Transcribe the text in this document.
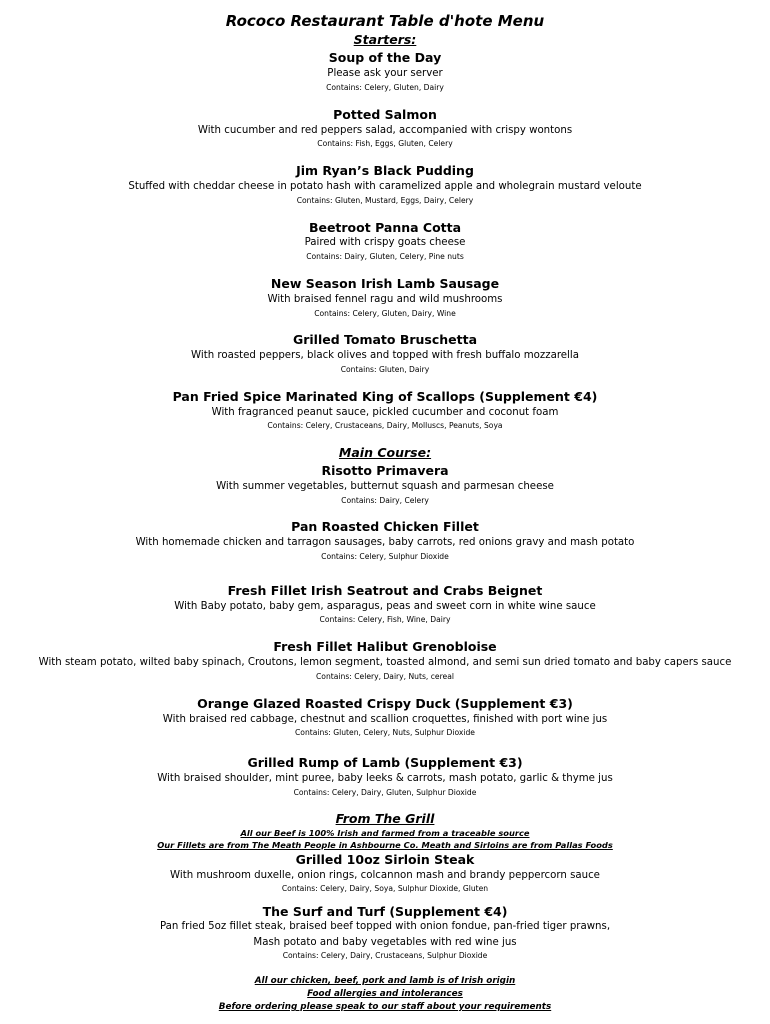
Rococo Restaurant Table d'hote Menu
Starters:
Soup of the Day
Please ask your server
Contains: Celery, Gluten, Dairy
Potted Salmon
With cucumber and red peppers salad, accompanied with crispy wontons
Contains: Fish, Eggs, Gluten, Celery
Jim Ryan’s Black Pudding
Stuffed with cheddar cheese in potato hash with caramelized apple and wholegrain mustard veloute
Contains: Gluten, Mustard, Eggs, Dairy, Celery
Beetroot Panna Cotta
Paired with crispy goats cheese
Contains: Dairy, Gluten, Celery, Pine nuts
New Season Irish Lamb Sausage
With braised fennel ragu and wild mushrooms
Contains: Celery, Gluten, Dairy, Wine
Grilled Tomato Bruschetta
With roasted peppers, black olives and topped with fresh buffalo mozzarella
Contains: Gluten, Dairy
Pan Fried Spice Marinated King of Scallops (Supplement €4)
With fragranced peanut sauce, pickled cucumber and coconut foam
Contains: Celery, Crustaceans, Dairy, Molluscs, Peanuts, Soya
Main Course:
Risotto Primavera
With summer vegetables, butternut squash and parmesan cheese
Contains: Dairy, Celery
Pan Roasted Chicken Fillet
With homemade chicken and tarragon sausages, baby carrots, red onions gravy and mash potato
Contains: Celery, Sulphur Dioxide
Fresh Fillet Irish Seatrout and Crabs Beignet
With Baby potato, baby gem, asparagus, peas and sweet corn in white wine sauce
Contains: Celery, Fish, Wine, Dairy
Fresh Fillet Halibut Grenobloise
With steam potato, wilted baby spinach, Croutons, lemon segment, toasted almond, and semi sun dried tomato and baby capers sauce
Contains: Celery, Dairy, Nuts, cereal
Orange Glazed Roasted Crispy Duck (Supplement €3)
With braised red cabbage, chestnut and scallion croquettes, finished with port wine jus
Contains: Gluten, Celery, Nuts, Sulphur Dioxide
Grilled Rump of Lamb (Supplement €3)
With braised shoulder, mint puree, baby leeks & carrots, mash potato, garlic & thyme jus
Contains: Celery, Dairy, Gluten, Sulphur Dioxide
From The Grill
All our Beef is 100% Irish and farmed from a traceable source
Our Fillets are from The Meath People in Ashbourne Co. Meath and Sirloins are from Pallas Foods
Grilled 10oz Sirloin Steak
With mushroom duxelle, onion rings, colcannon mash and brandy peppercorn sauce
Contains: Celery, Dairy, Soya, Sulphur Dioxide, Gluten
The Surf and Turf (Supplement €4)
Pan fried 5oz fillet steak, braised beef topped with onion fondue, pan-fried tiger prawns,
Mash potato and baby vegetables with red wine jus
Contains: Celery, Dairy, Crustaceans, Sulphur Dioxide
All our chicken, beef, pork and lamb is of Irish origin
Food allergies and intolerances
Before ordering please speak to our staff about your requirements
